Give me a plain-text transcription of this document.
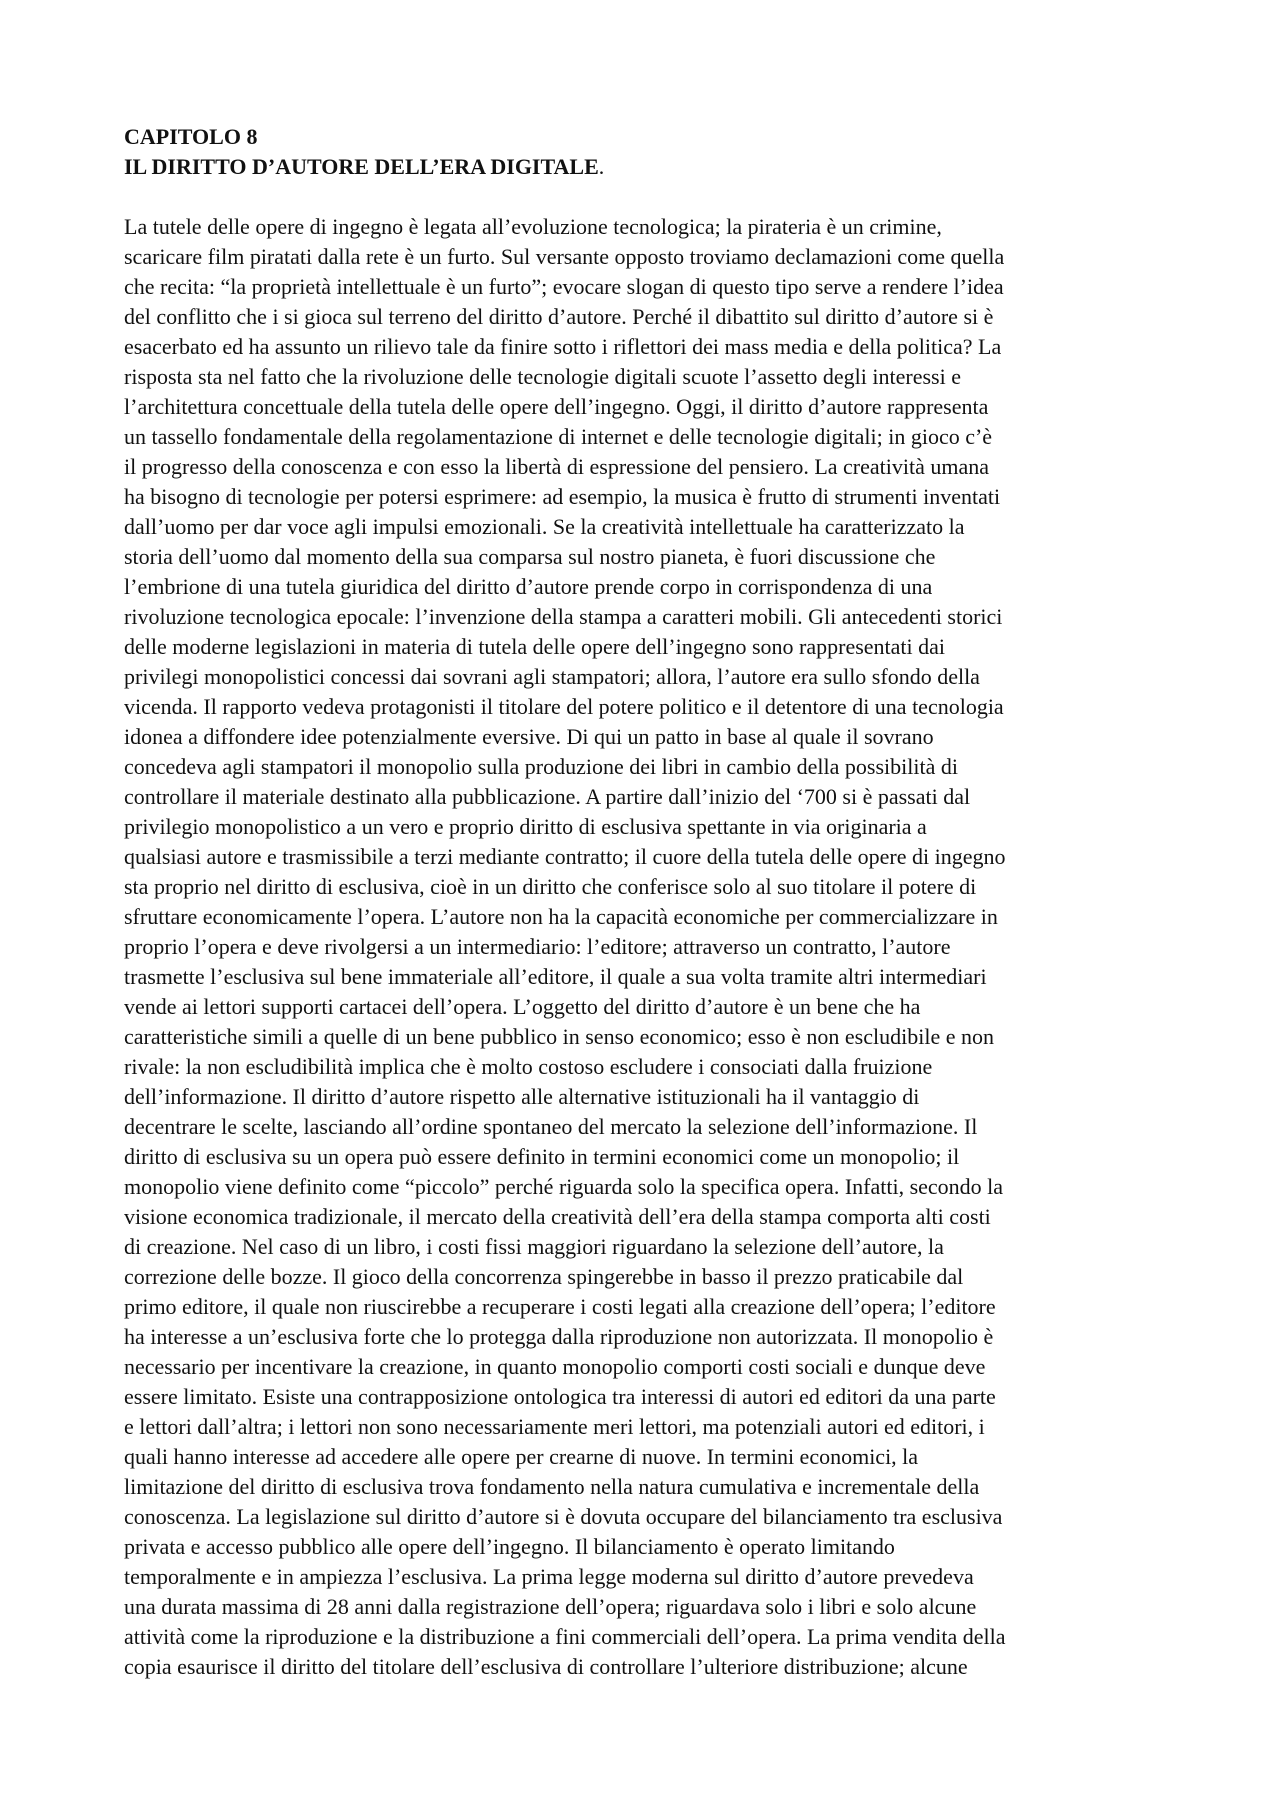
CAPITOLO 8
IL DIRITTO D’AUTORE DELL’ERA DIGITALE.
La tutele delle opere di ingegno è legata all’evoluzione tecnologica; la pirateria è un crimine,
scaricare film piratati dalla rete è un furto. Sul versante opposto troviamo declamazioni come quella
che recita: “la proprietà intellettuale è un furto”; evocare slogan di questo tipo serve a rendere l’idea
del conflitto che i si gioca sul terreno del diritto d’autore. Perché il dibattito sul diritto d’autore si è
esacerbato ed ha assunto un rilievo tale da finire sotto i riflettori dei mass media e della politica? La
risposta sta nel fatto che la rivoluzione delle tecnologie digitali scuote l’assetto degli interessi e
l’architettura concettuale della tutela delle opere dell’ingegno. Oggi, il diritto d’autore rappresenta
un tassello fondamentale della regolamentazione di internet e delle tecnologie digitali; in gioco c’è
il progresso della conoscenza e con esso la libertà di espressione del pensiero. La creatività umana
ha bisogno di tecnologie per potersi esprimere: ad esempio, la musica è frutto di strumenti inventati
dall’uomo per dar voce agli impulsi emozionali. Se la creatività intellettuale ha caratterizzato la
storia dell’uomo dal momento della sua comparsa sul nostro pianeta, è fuori discussione che
l’embrione di una tutela giuridica del diritto d’autore prende corpo in corrispondenza di una
rivoluzione tecnologica epocale: l’invenzione della stampa a caratteri mobili. Gli antecedenti storici
delle moderne legislazioni in materia di tutela delle opere dell’ingegno sono rappresentati dai
privilegi monopolistici concessi dai sovrani agli stampatori; allora, l’autore era sullo sfondo della
vicenda. Il rapporto vedeva protagonisti il titolare del potere politico e il detentore di una tecnologia
idonea a diffondere idee potenzialmente eversive. Di qui un patto in base al quale il sovrano
concedeva agli stampatori il monopolio sulla produzione dei libri in cambio della possibilità di
controllare il materiale destinato alla pubblicazione. A partire dall’inizio del ‘700 si è passati dal
privilegio monopolistico a un vero e proprio diritto di esclusiva spettante in via originaria a
qualsiasi autore e trasmissibile a terzi mediante contratto; il cuore della tutela delle opere di ingegno
sta proprio nel diritto di esclusiva, cioè in un diritto che conferisce solo al suo titolare il potere di
sfruttare economicamente l’opera. L’autore non ha la capacità economiche per commercializzare in
proprio l’opera e deve rivolgersi a un intermediario: l’editore; attraverso un contratto, l’autore
trasmette l’esclusiva sul bene immateriale all’editore, il quale a sua volta tramite altri intermediari
vende ai lettori supporti cartacei dell’opera. L’oggetto del diritto d’autore è un bene che ha
caratteristiche simili a quelle di un bene pubblico in senso economico; esso è non escludibile e non
rivale: la non escludibilità implica che è molto costoso escludere i consociati dalla fruizione
dell’informazione. Il diritto d’autore rispetto alle alternative istituzionali ha il vantaggio di
decentrare le scelte, lasciando all’ordine spontaneo del mercato la selezione dell’informazione. Il
diritto di esclusiva su un opera può essere definito in termini economici come un monopolio; il
monopolio viene definito come “piccolo” perché riguarda solo la specifica opera. Infatti, secondo la
visione economica tradizionale, il mercato della creatività dell’era della stampa comporta alti costi
di creazione. Nel caso di un libro, i costi fissi maggiori riguardano la selezione dell’autore, la
correzione delle bozze. Il gioco della concorrenza spingerebbe in basso il prezzo praticabile dal
primo editore, il quale non riuscirebbe a recuperare i costi legati alla creazione dell’opera; l’editore
ha interesse a un’esclusiva forte che lo protegga dalla riproduzione non autorizzata. Il monopolio è
necessario per incentivare la creazione, in quanto monopolio comporti costi sociali e dunque deve
essere limitato. Esiste una contrapposizione ontologica tra interessi di autori ed editori da una parte
e lettori dall’altra; i lettori non sono necessariamente meri lettori, ma potenziali autori ed editori, i
quali hanno interesse ad accedere alle opere per crearne di nuove. In termini economici, la
limitazione del diritto di esclusiva trova fondamento nella natura cumulativa e incrementale della
conoscenza. La legislazione sul diritto d’autore si è dovuta occupare del bilanciamento tra esclusiva
privata e accesso pubblico alle opere dell’ingegno. Il bilanciamento è operato limitando
temporalmente e in ampiezza l’esclusiva. La prima legge moderna sul diritto d’autore prevedeva
una durata massima di 28 anni dalla registrazione dell’opera; riguardava solo i libri e solo alcune
attività come la riproduzione e la distribuzione a fini commerciali dell’opera. La prima vendita della
copia esaurisce il diritto del titolare dell’esclusiva di controllare l’ulteriore distribuzione; alcune
